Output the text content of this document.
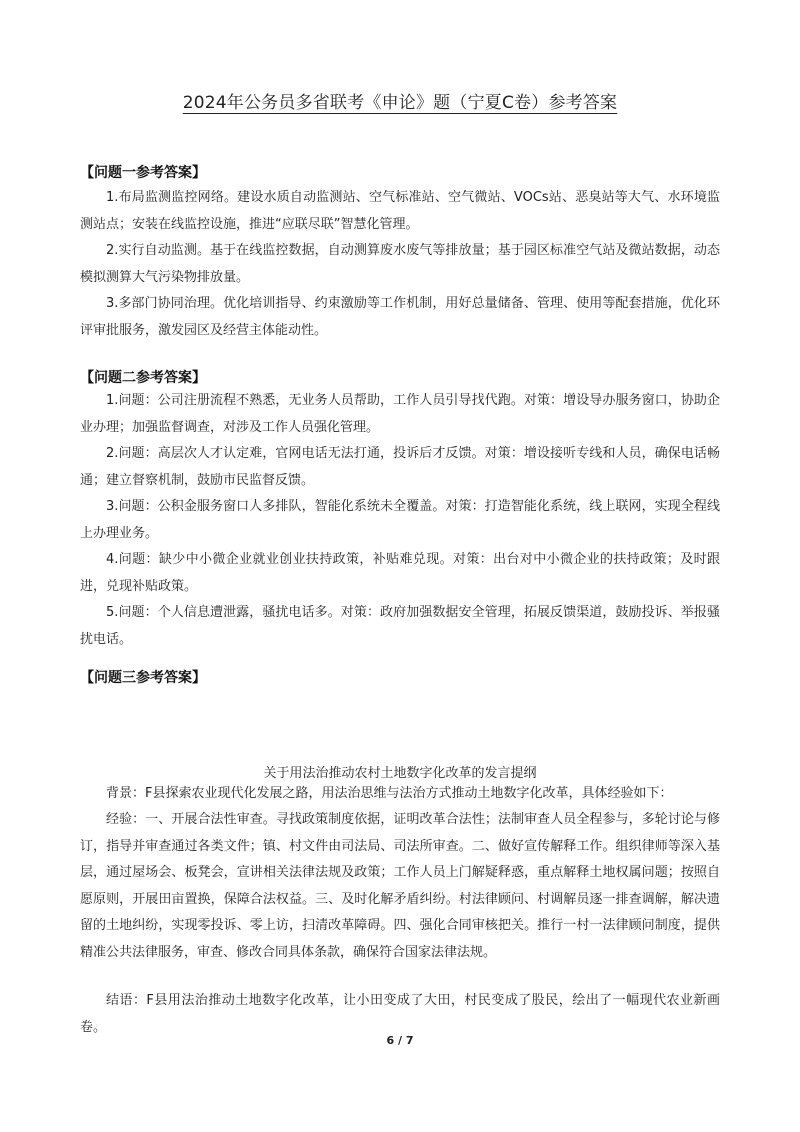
2024年公务员多省联考《申论》题（宁夏C卷）参考答案
【问题一参考答案】

1.布局监测监控网络。建设水质自动监测站、空气标准站、空气微站、VOCs站、恶臭站等大气、水环境监测站点；安装在线监控设施，推进“应联尽联”智慧化管理。

2.实行自动监测。基于在线监控数据，自动测算废水废气等排放量；基于园区标准空气站及微站数据，动态模拟测算大气污染物排放量。

3.多部门协同治理。优化培训指导、约束激励等工作机制，用好总量储备、管理、使用等配套措施，优化环评审批服务，激发园区及经营主体能动性。

【问题二参考答案】

1.问题：公司注册流程不熟悉，无业务人员帮助，工作人员引导找代跑。对策：增设导办服务窗口，协助企业办理；加强监督调查，对涉及工作人员强化管理。

2.问题：高层次人才认定难，官网电话无法打通，投诉后才反馈。对策：增设接听专线和人员，确保电话畅通；建立督察机制，鼓励市民监督反馈。

3.问题：公积金服务窗口人多排队，智能化系统未全覆盖。对策：打造智能化系统，线上联网，实现全程线上办理业务。

4.问题：缺少中小微企业就业创业扶持政策，补贴难兑现。对策：出台对中小微企业的扶持政策；及时跟进，兑现补贴政策。

5.问题：个人信息遭泄露，骚扰电话多。对策：政府加强数据安全管理，拓展反馈渠道，鼓励投诉、举报骚扰电话。

【问题三参考答案】
关于用法治推动农村土地数字化改革的发言提纲

背景：F县探索农业现代化发展之路，用法治思维与法治方式推动土地数字化改革，具体经验如下：

经验：一、开展合法性审查。寻找政策制度依据，证明改革合法性；法制审查人员全程参与，多轮讨论与修订，指导并审查通过各类文件；镇、村文件由司法局、司法所审查。二、做好宣传解释工作。组织律师等深入基层，通过屋场会、板凳会，宣讲相关法律法规及政策；工作人员上门解疑释惑，重点解释土地权属问题；按照自愿原则，开展田亩置换，保障合法权益。三、及时化解矛盾纠纷。村法律顾问、村调解员逐一排查调解，解决遗留的土地纠纷，实现零投诉、零上访，扫清改革障碍。四、强化合同审核把关。推行一村一法律顾问制度，提供精准公共法律服务，审查、修改合同具体条款，确保符合国家法律法规。

结语：F县用法治推动土地数字化改革，让小田变成了大田，村民变成了股民，绘出了一幅现代农业新画卷。

6 / 7
